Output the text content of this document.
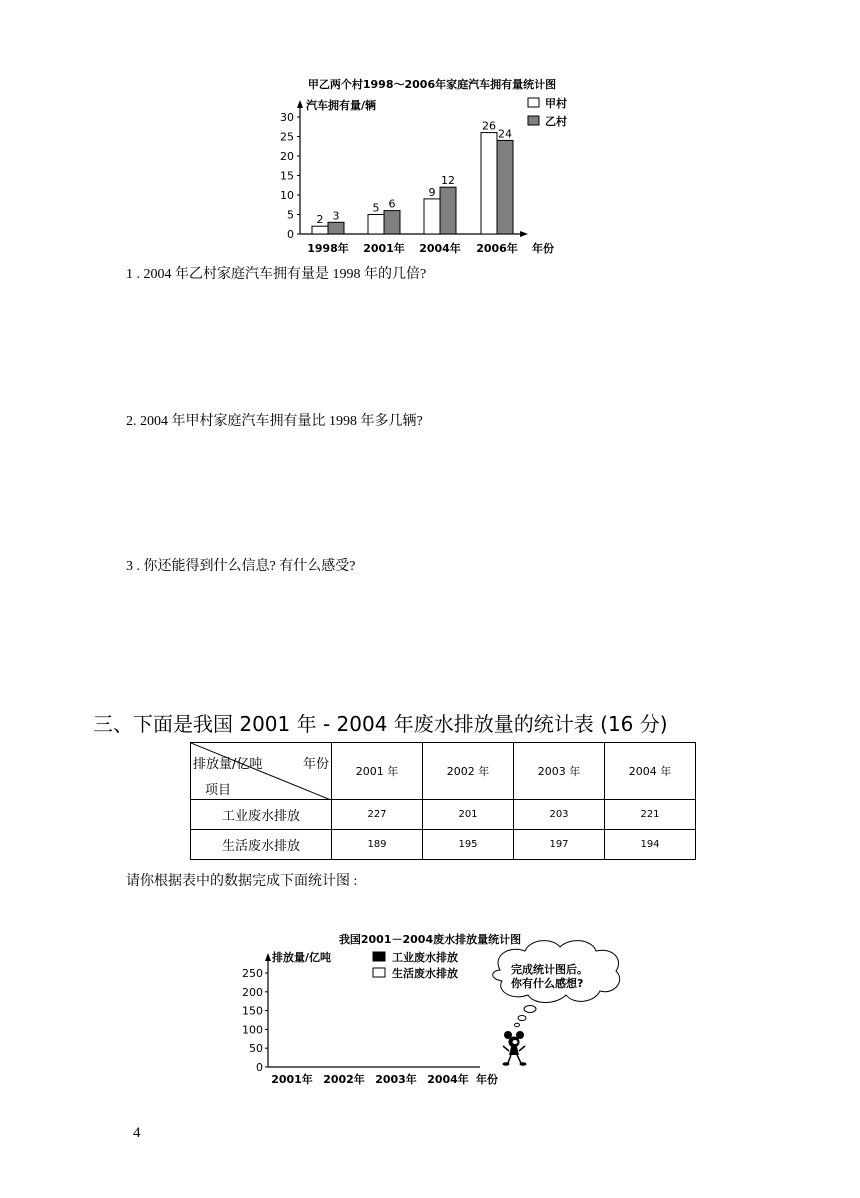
甲乙两个村1998～2006年家庭汽车拥有量统计图
汽车拥有量/辆	甲村
乙村
0
5
10
15
20
25
30
2 3
5 6
9
12
26
24
1998年 2001年 2004年 2006年 年份
1 . 2004 年乙村家庭汽车拥有量是 1998 年的几倍?
2. 2004 年甲村家庭汽车拥有量比 1998 年多几辆?
3 . 你还能得到什么信息? 有什么感受?
三、下面是我国 2001 年 - 2004 年废水排放量的统计表 (16 分)
排放量/亿吨 年份
项目	2001 年	2002 年	2003 年	2004 年
工业废水排放	227	201	203	221
生活废水排放	189	195	197	194
请你根据表中的数据完成下面统计图 :
我国2001－2004废水排放量统计图
排放量/亿吨	工业废水排放
生活废水排放
0
50
100
150
200
250
2001年 2002年 2003年 2004年 年份
完成统计图后。
你有什么感想?
4
